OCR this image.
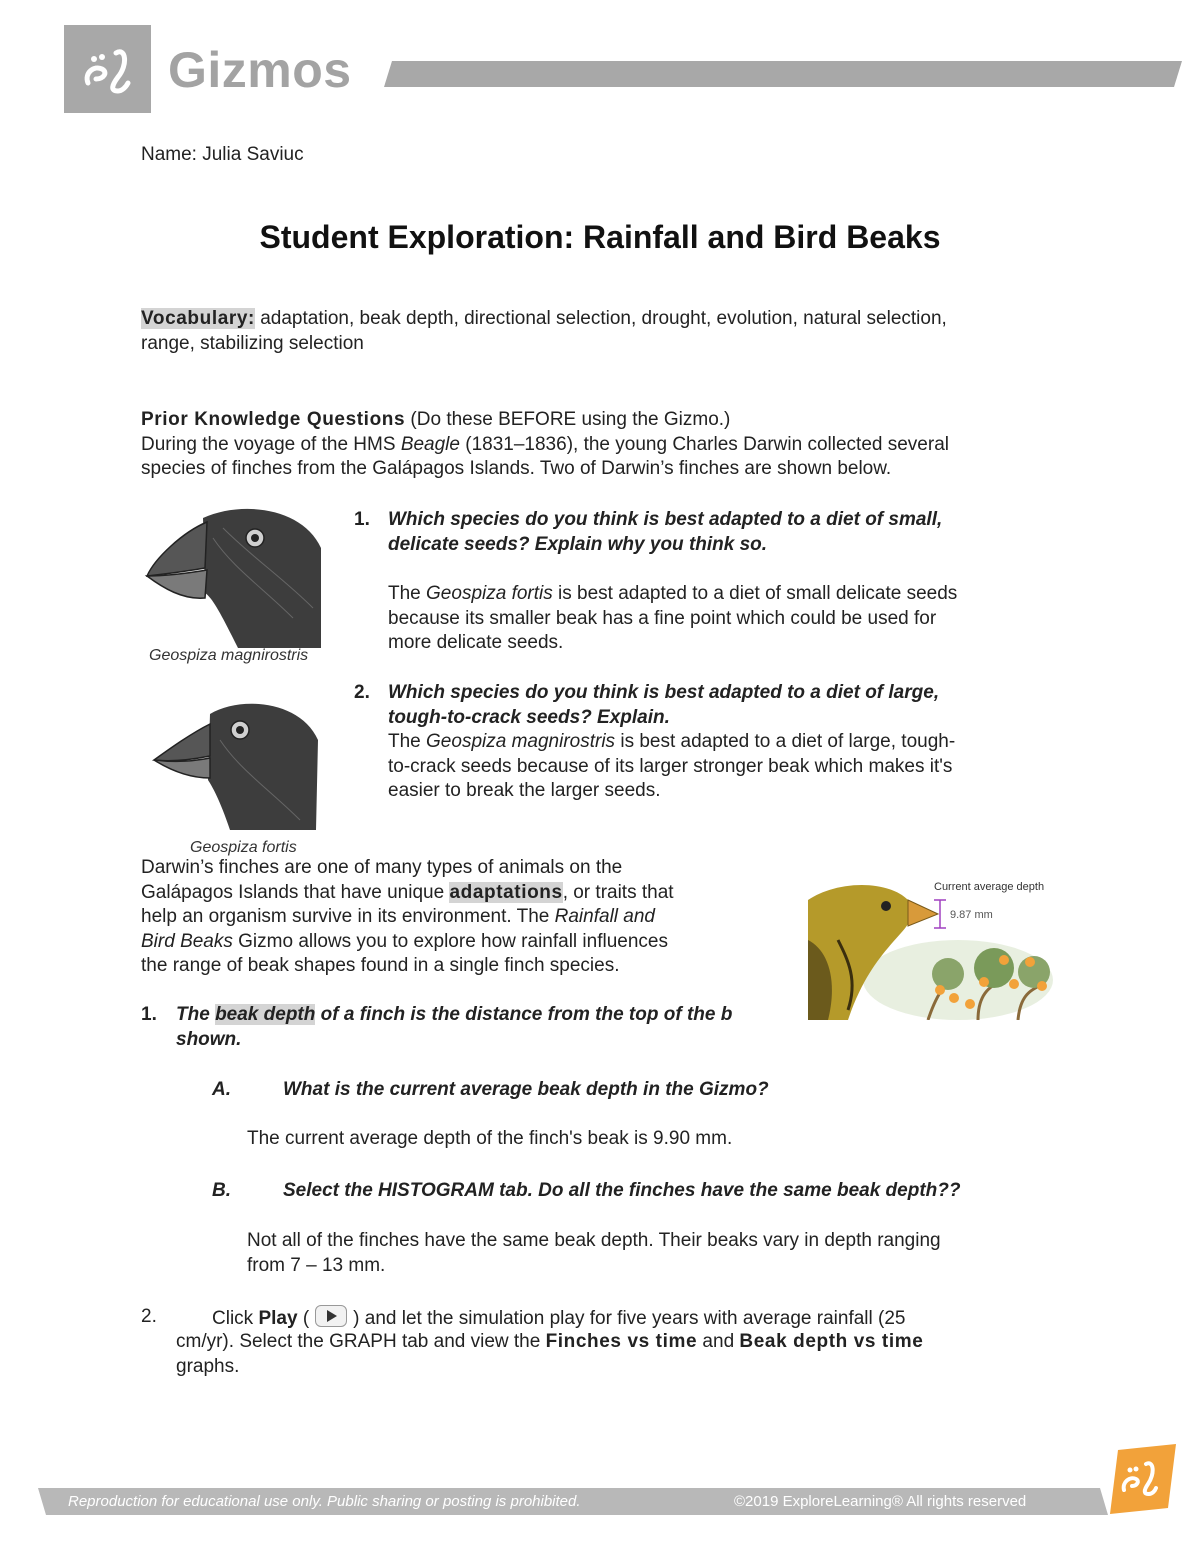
Gizmos
Name: Julia Saviuc
Student Exploration: Rainfall and Bird Beaks
Vocabulary: adaptation, beak depth, directional selection, drought, evolution, natural selection,
range, stabilizing selection
Prior Knowledge Questions (Do these BEFORE using the Gizmo.)
During the voyage of the HMS Beagle (1831–1836), the young Charles Darwin collected several
species of finches from the Galápagos Islands. Two of Darwin’s finches are shown below.
Geospiza magnirostris
Geospiza fortis
1. Which species do you think is best adapted to a diet of small,
delicate seeds? Explain why you think so.
The Geospiza fortis is best adapted to a diet of small delicate seeds
because its smaller beak has a fine point which could be used for
more delicate seeds.
2. Which species do you think is best adapted to a diet of large,
tough-to-crack seeds? Explain.
The Geospiza magnirostris is best adapted to a diet of large, tough-
to-crack seeds because of its larger stronger beak which makes it's
easier to break the larger seeds.
Darwin’s finches are one of many types of animals on the
Galápagos Islands that have unique adaptations, or traits that
help an organism survive in its environment. The Rainfall and
Bird Beaks Gizmo allows you to explore how rainfall influences
the range of beak shapes found in a single finch species.
Current average depth
9.87 mm
1. The beak depth of a finch is the distance from the top of the b
shown.
A.	What is the current average beak depth in the Gizmo?
The current average depth of the finch's beak is 9.90 mm.
B.	Select the HISTOGRAM tab. Do all the finches have the same beak depth??
Not all of the finches have the same beak depth. Their beaks vary in depth ranging
from 7 – 13 mm.
2.	Click Play ( ) and let the simulation play for five years with average rainfall (25
cm/yr). Select the GRAPH tab and view the Finches vs time and Beak depth vs time
graphs.
Reproduction for educational use only. Public sharing or posting is prohibited.	©2019 ExploreLearning® All rights reserved
